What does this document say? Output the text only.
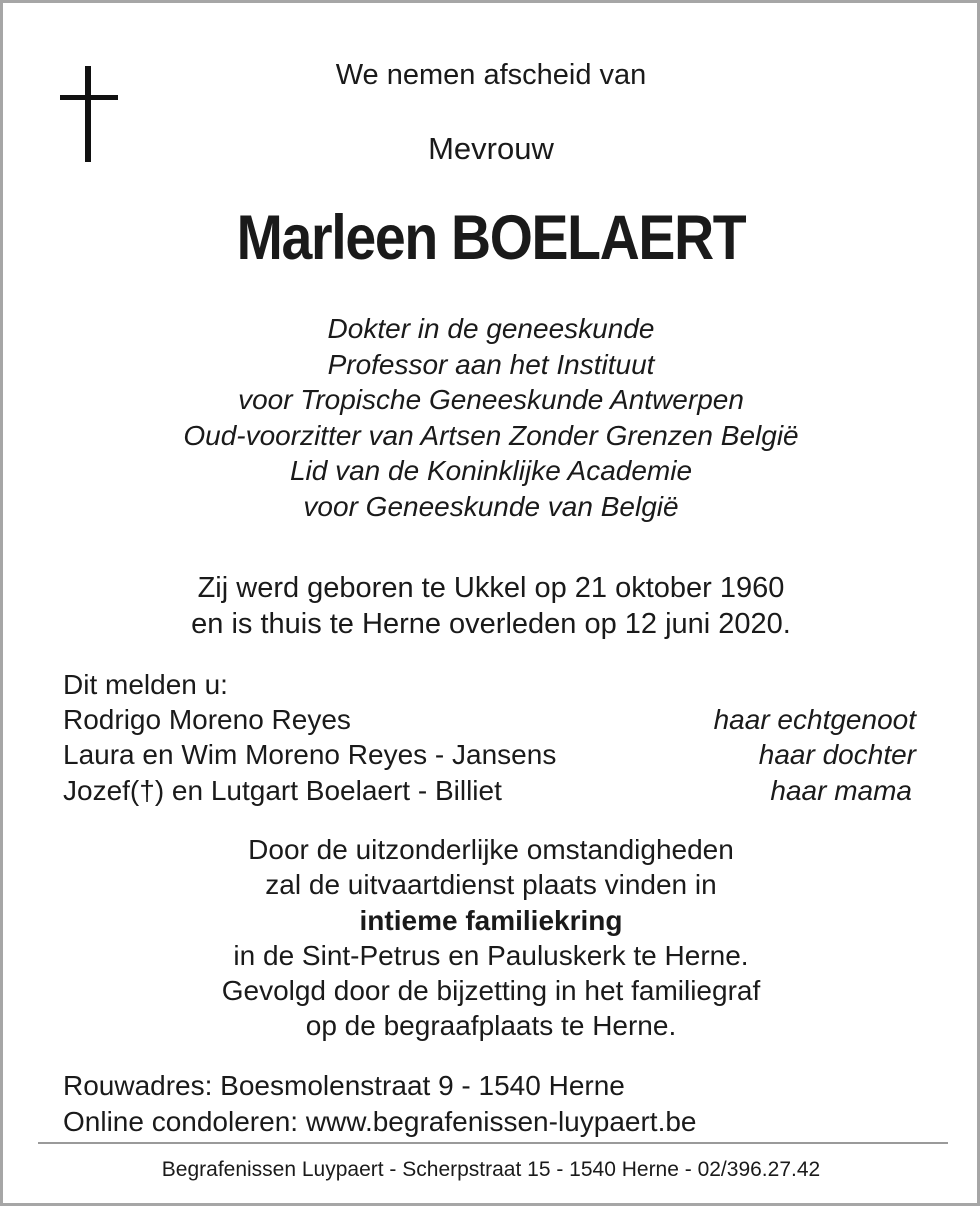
We nemen afscheid van
Mevrouw
Marleen BOELAERT
Dokter in de geneeskunde
Professor aan het Instituut
voor Tropische Geneeskunde Antwerpen
Oud-voorzitter van Artsen Zonder Grenzen België
Lid van de Koninklijke Academie
voor Geneeskunde van België
Zij werd geboren te Ukkel op 21 oktober 1960
en is thuis te Herne overleden op 12 juni 2020.
Dit melden u:
Rodrigo Moreno Reyes	haar echtgenoot
Laura en Wim Moreno Reyes - Jansens	haar dochter
Jozef(†) en Lutgart Boelaert - Billiet	haar mama
Door de uitzonderlijke omstandigheden
zal de uitvaartdienst plaats vinden in
intieme familiekring
in de Sint-Petrus en Pauluskerk te Herne.
Gevolgd door de bijzetting in het familiegraf
op de begraafplaats te Herne.
Rouwadres: Boesmolenstraat 9 - 1540 Herne
Online condoleren: www.begrafenissen-luypaert.be
Begrafenissen Luypaert - Scherpstraat 15 - 1540 Herne - 02/396.27.42
